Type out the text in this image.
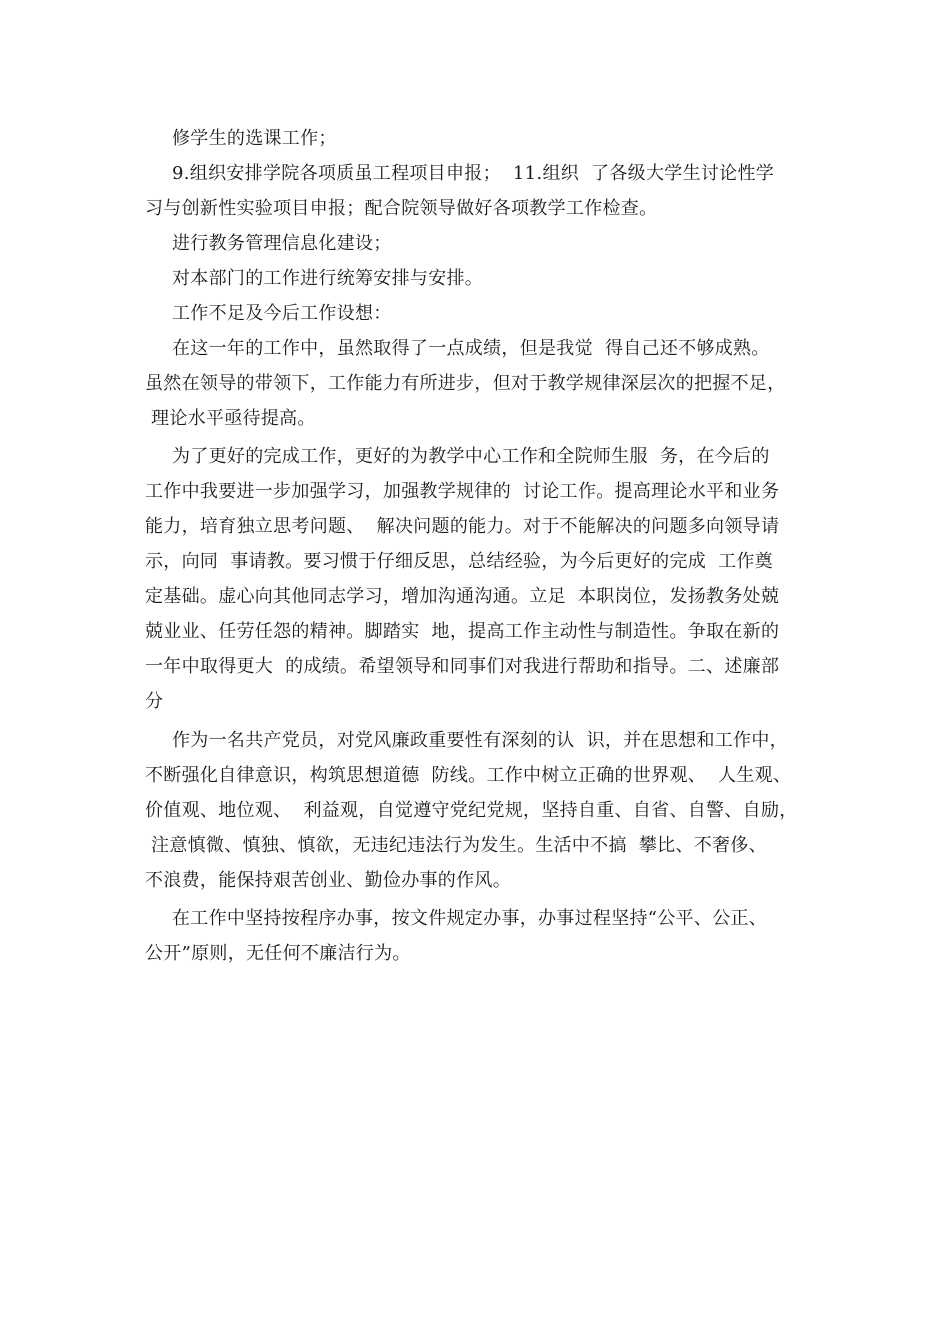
修学生的选课工作；
9.组织安排学院各项质虽工程项目申报；  11.组织  了各级大学生讨论性学
习与创新性实验项目申报；配合院领导做好各项教学工作检查。
进行教务管理信息化建设；
对本部门的工作进行统筹安排与安排。
工作不足及今后工作设想：
在这一年的工作中，虽然取得了一点成绩，但是我觉  得自己还不够成熟。
虽然在领导的带领下，工作能力有所进步，但对于教学规律深层次的把握不足，
理论水平亟待提高。
为了更好的完成工作，更好的为教学中心工作和全院师生服  务，在今后的
工作中我要进一步加强学习，加强教学规律的  讨论工作。提高理论水平和业务
能力，培育独立思考问题、  解决问题的能力。对于不能解决的问题多向领导请
示，向同  事请教。要习惯于仔细反思，总结经验，为今后更好的完成  工作奠
定基础。虚心向其他同志学习，增加沟通沟通。立足  本职岗位，发扬教务处兢
兢业业、任劳任怨的精神。脚踏实  地，提高工作主动性与制造性。争取在新的
一年中取得更大  的成绩。希望领导和同事们对我进行帮助和指导。二、述廉部
分
作为一名共产党员，对党风廉政重要性有深刻的认  识，并在思想和工作中，
不断强化自律意识，构筑思想道德  防线。工作中树立正确的世界观、  人生观、
价值观、地位观、  利益观，自觉遵守党纪党规，坚持自重、自省、自警、自励，
注意慎微、慎独、慎欲，无违纪违法行为发生。生活中不搞  攀比、不奢侈、
不浪费，能保持艰苦创业、勤俭办事的作风。
在工作中坚持按程序办事，按文件规定办事，办事过程坚持“公平、公正、
公开”原则，无任何不廉洁行为。
